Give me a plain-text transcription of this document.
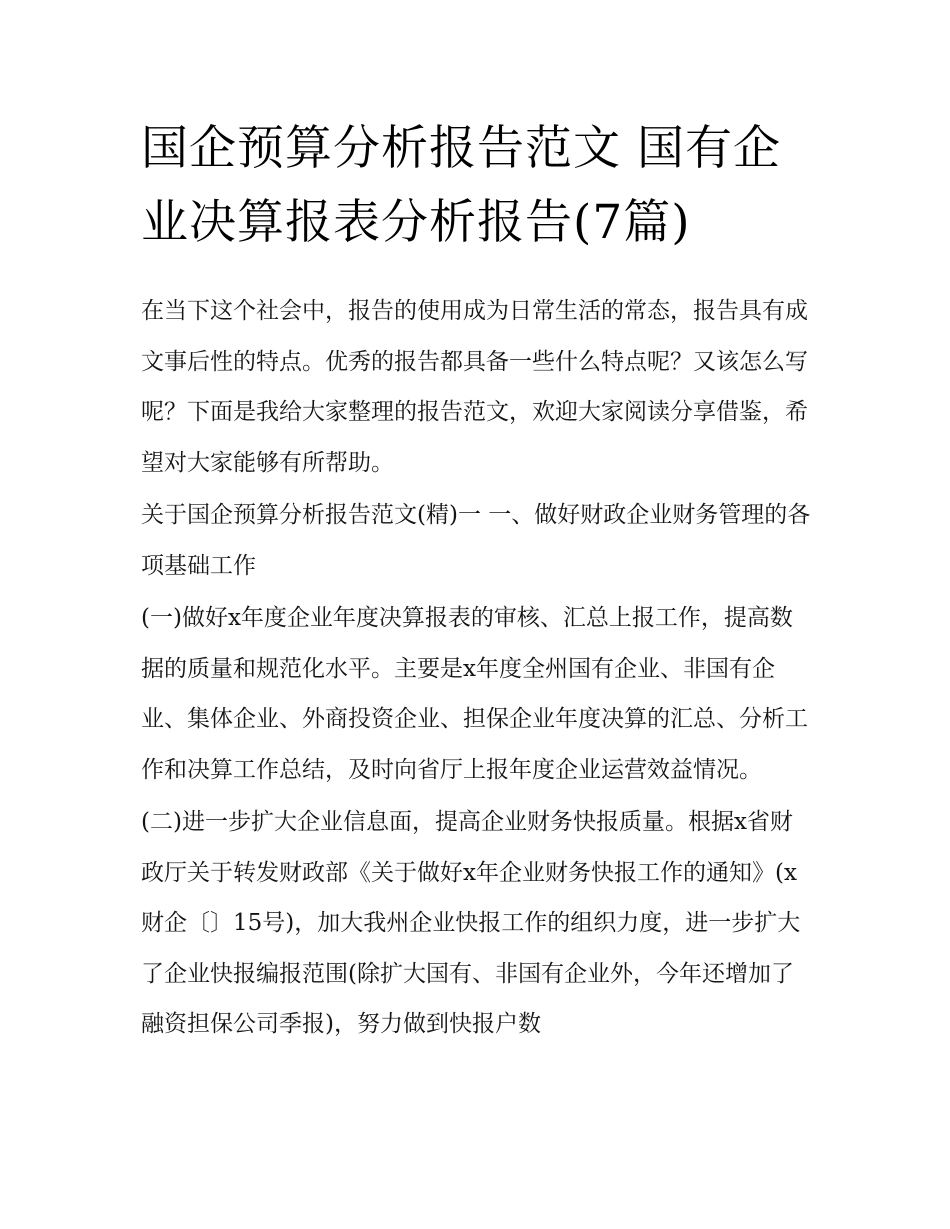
国企预算分析报告范文 国有企业决算报表分析报告(7篇)

在当下这个社会中，报告的使用成为日常生活的常态，报告具有成文事后性的特点。优秀的报告都具备一些什么特点呢？又该怎么写呢？下面是我给大家整理的报告范文，欢迎大家阅读分享借鉴，希望对大家能够有所帮助。

关于国企预算分析报告范文(精)一 一、做好财政企业财务管理的各项基础工作

(一)做好x年度企业年度决算报表的审核、汇总上报工作，提高数据的质量和规范化水平。主要是x年度全州国有企业、非国有企业、集体企业、外商投资企业、担保企业年度决算的汇总、分析工作和决算工作总结，及时向省厅上报年度企业运营效益情况。

(二)进一步扩大企业信息面，提高企业财务快报质量。根据x省财政厅关于转发财政部《关于做好x年企业财务快报工作的通知》(x财企〔〕15号)，加大我州企业快报工作的组织力度，进一步扩大了企业快报编报范围(除扩大国有、非国有企业外，今年还增加了融资担保公司季报)，努力做到快报户数
